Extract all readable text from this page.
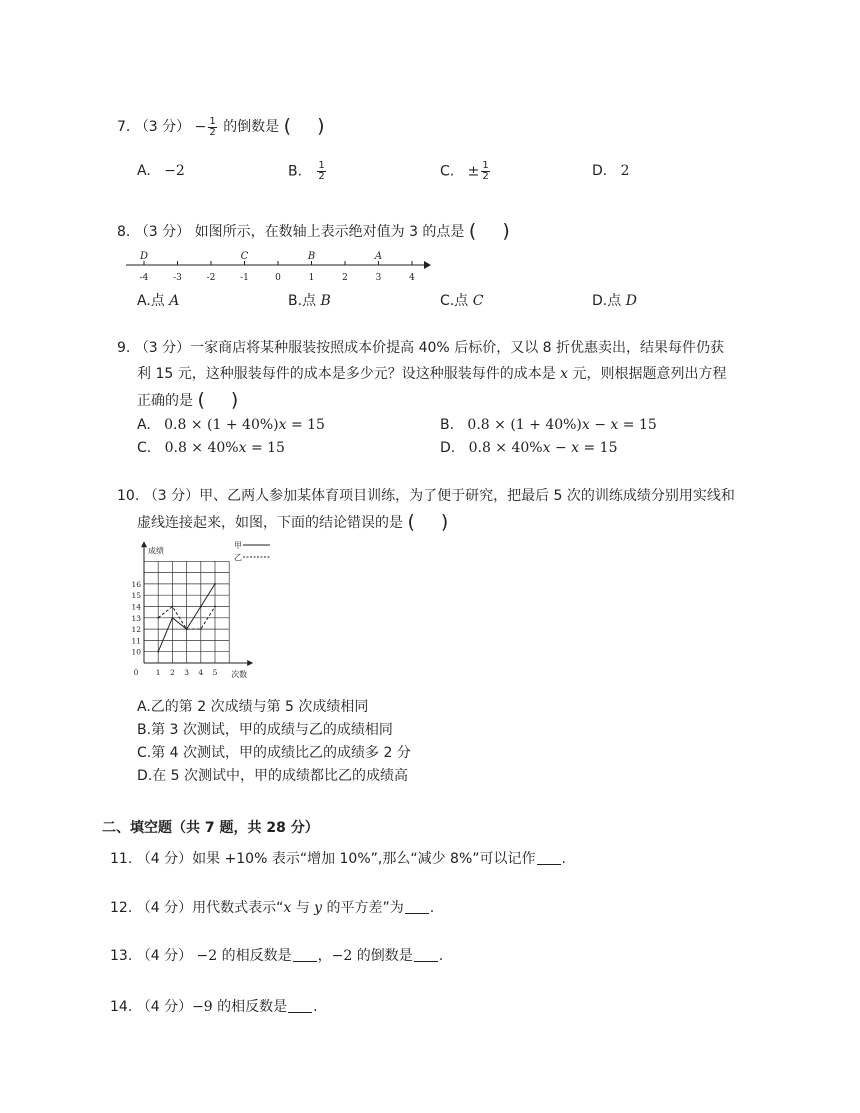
7. （3 分） − $\frac{1}{2}$ 的倒数是 ( )
A. −2	B. $\frac{1}{2}$	C. ± $\frac{1}{2}$	D. 2
8. （3 分） 如图所示，在数轴上表示绝对值为 3 的点是 ( )
-4	-3	-2	-1	0	1	2	3	4
D	C	B	A
A.点 A	B.点 B	C.点 C	D.点 D
9. （3 分）一家商店将某种服装按照成本价提高 40% 后标价，又以 8 折优惠卖出，结果每件仍获
利 15 元，这种服装每件的成本是多少元？设这种服装每件的成本是 x 元，则根据题意列出方程
正确的是 ( )
A. 0.8 × (1 + 40%)𝑥 = 15	B. 0.8 × (1 + 40%)𝑥 − 𝑥 = 15
C. 0.8 × 40%𝑥 = 15	D. 0.8 × 40%𝑥 − 𝑥 = 15
10. （3 分）甲、乙两人参加某体育项目训练，为了便于研究，把最后 5 次的训练成绩分别用实线和
虚线连接起来，如图，下面的结论错误的是 ( )
成绩
次数
10
11
12
13
14
15
16
0 1 2 3 4 5
甲
乙
A.乙的第 2 次成绩与第 5 次成绩相同
B.第 3 次测试，甲的成绩与乙的成绩相同
C.第 4 次测试，甲的成绩比乙的成绩多 2 分
D.在 5 次测试中，甲的成绩都比乙的成绩高
二、填空题（共 7 题，共 28 分）
11. （4 分）如果 +10% 表示“增加 10%”,那么“减少 8%”可以记作 .
12. （4 分）用代数式表示“x 与 y 的平方差”为 .
13. （4 分） −2 的相反数是 ，−2 的倒数是 .
14. （4 分）−9 的相反数是 .
